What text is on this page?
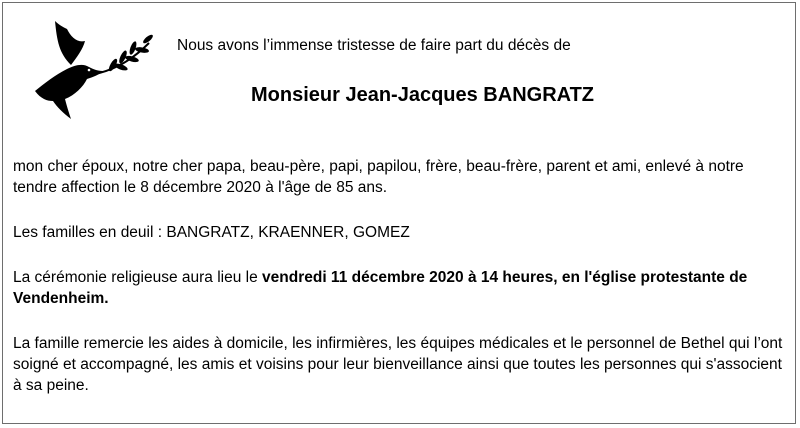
Nous avons l’immense tristesse de faire part du décès de
Monsieur Jean-Jacques BANGRATZ

mon cher époux, notre cher papa, beau-père, papi, papilou, frère, beau-frère, parent et ami, enlevé à notre tendre affection le 8 décembre 2020 à l'âge de 85 ans.

Les familles en deuil : BANGRATZ, KRAENNER, GOMEZ

La cérémonie religieuse aura lieu le vendredi 11 décembre 2020 à 14 heures, en l'église protestante de Vendenheim.

La famille remercie les aides à domicile, les infirmières, les équipes médicales et le personnel de Bethel qui l’ont soigné et accompagné, les amis et voisins pour leur bienveillance ainsi que toutes les personnes qui s'associent à sa peine.
